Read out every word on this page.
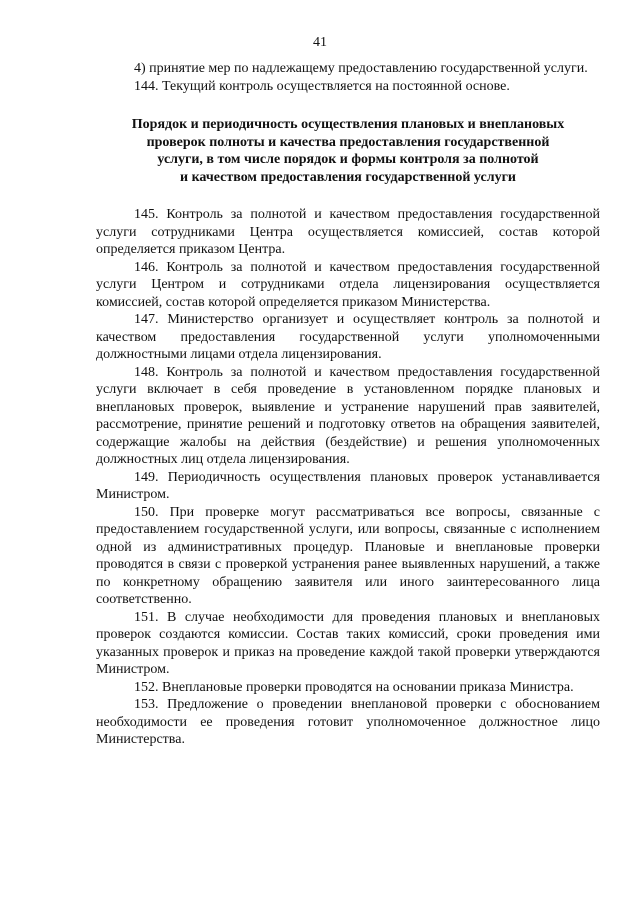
41

4) принятие мер по надлежащему предоставлению государственной услуги.

144. Текущий контроль осуществляется на постоянной основе.

Порядок и периодичность осуществления плановых и внеплановых
проверок полноты и качества предоставления государственной
услуги, в том числе порядок и формы контроля за полнотой
и качеством предоставления государственной услуги

145. Контроль за полнотой и качеством предоставления государственной услуги сотрудниками Центра осуществляется комиссией, состав которой определяется приказом Центра.

146. Контроль за полнотой и качеством предоставления государственной услуги Центром и сотрудниками отдела лицензирования осуществляется комиссией, состав которой определяется приказом Министерства.

147. Министерство организует и осуществляет контроль за полнотой и качеством предоставления государственной услуги уполномоченными должностными лицами отдела лицензирования.

148. Контроль за полнотой и качеством предоставления государственной услуги включает в себя проведение в установленном порядке плановых и внеплановых проверок, выявление и устранение нарушений прав заявителей, рассмотрение, принятие решений и подготовку ответов на обращения заявителей, содержащие жалобы на действия (бездействие) и решения уполномоченных должностных лиц отдела лицензирования.

149. Периодичность осуществления плановых проверок устанавливается Министром.

150. При проверке могут рассматриваться все вопросы, связанные с предоставлением государственной услуги, или вопросы, связанные с исполнением одной из административных процедур. Плановые и внеплановые проверки проводятся в связи с проверкой устранения ранее выявленных нарушений, а также по конкретному обращению заявителя или иного заинтересованного лица соответственно.

151. В случае необходимости для проведения плановых и внеплановых проверок создаются комиссии. Состав таких комиссий, сроки проведения ими указанных проверок и приказ на проведение каждой такой проверки утверждаются Министром.

152. Внеплановые проверки проводятся на основании приказа Министра.

153. Предложение о проведении внеплановой проверки с обоснованием необходимости ее проведения готовит уполномоченное должностное лицо Министерства.
